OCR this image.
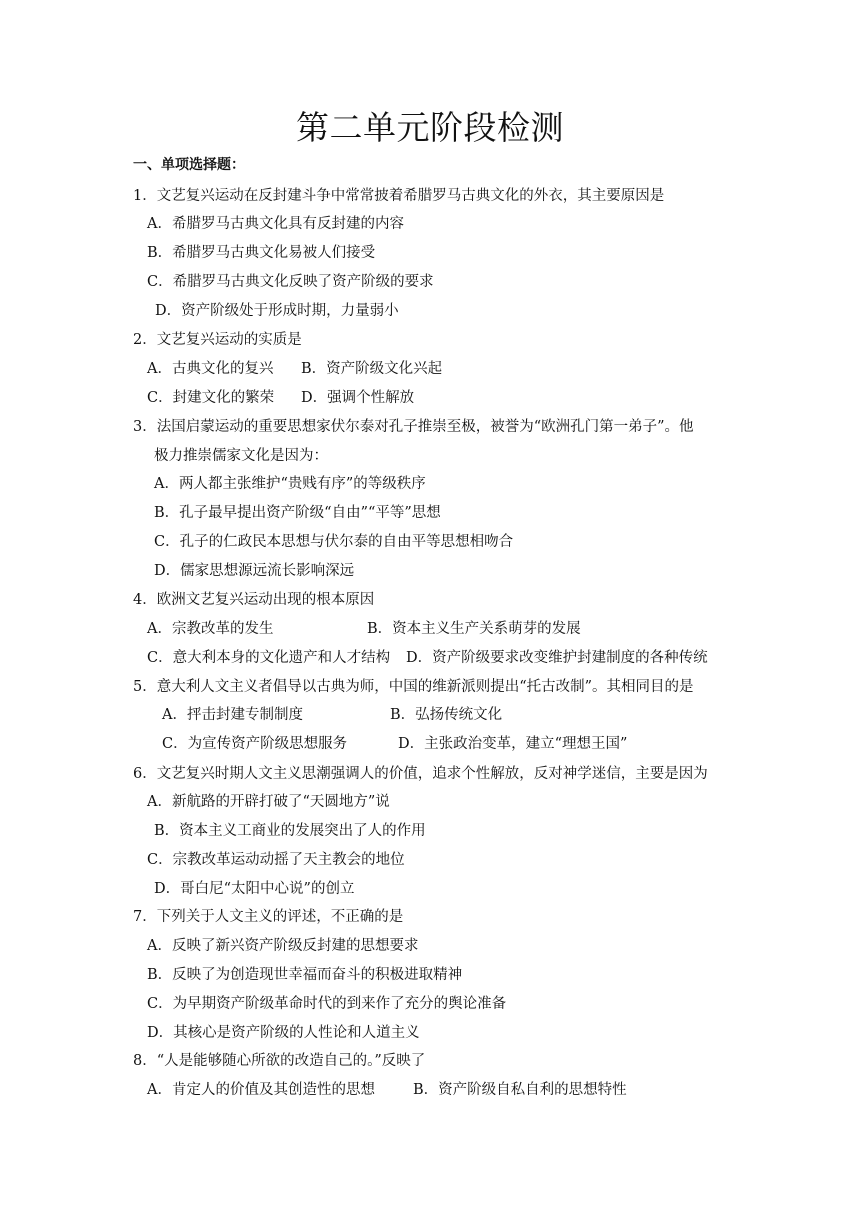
第二单元阶段检测
一、单项选择题：
1．文艺复兴运动在反封建斗争中常常披着希腊罗马古典文化的外衣，其主要原因是
A．希腊罗马古典文化具有反封建的内容
B．希腊罗马古典文化易被人们接受
C．希腊罗马古典文化反映了资产阶级的要求
D．资产阶级处于形成时期，力量弱小
2．文艺复兴运动的实质是
A．古典文化的复兴 B．资产阶级文化兴起
C．封建文化的繁荣 D．强调个性解放
3．法国启蒙运动的重要思想家伏尔泰对孔子推崇至极，被誉为“欧洲孔门第一弟子”。他
极力推崇儒家文化是因为：
A．两人都主张维护“贵贱有序”的等级秩序
B．孔子最早提出资产阶级“自由”“平等”思想
C．孔子的仁政民本思想与伏尔泰的自由平等思想相吻合
D．儒家思想源远流长影响深远
4．欧洲文艺复兴运动出现的根本原因
A．宗教改革的发生	B．资本主义生产关系萌芽的发展
C．意大利本身的文化遗产和人才结构 D．资产阶级要求改变维护封建制度的各种传统
5．意大利人文主义者倡导以古典为师，中国的维新派则提出“托古改制”。其相同目的是
A．抨击封建专制制度	B．弘扬传统文化
C．为宣传资产阶级思想服务	D．主张政治变革，建立“理想王国”
6．文艺复兴时期人文主义思潮强调人的价值，追求个性解放，反对神学迷信，主要是因为
A．新航路的开辟打破了“天圆地方”说
B．资本主义工商业的发展突出了人的作用
C．宗教改革运动动摇了天主教会的地位
D．哥白尼“太阳中心说”的创立
7．下列关于人文主义的评述，不正确的是
A．反映了新兴资产阶级反封建的思想要求
B．反映了为创造现世幸福而奋斗的积极进取精神
C．为早期资产阶级革命时代的到来作了充分的舆论准备
D．其核心是资产阶级的人性论和人道主义
8．“人是能够随心所欲的改造自己的。”反映了
A．肯定人的价值及其创造性的思想	B．资产阶级自私自利的思想特性
